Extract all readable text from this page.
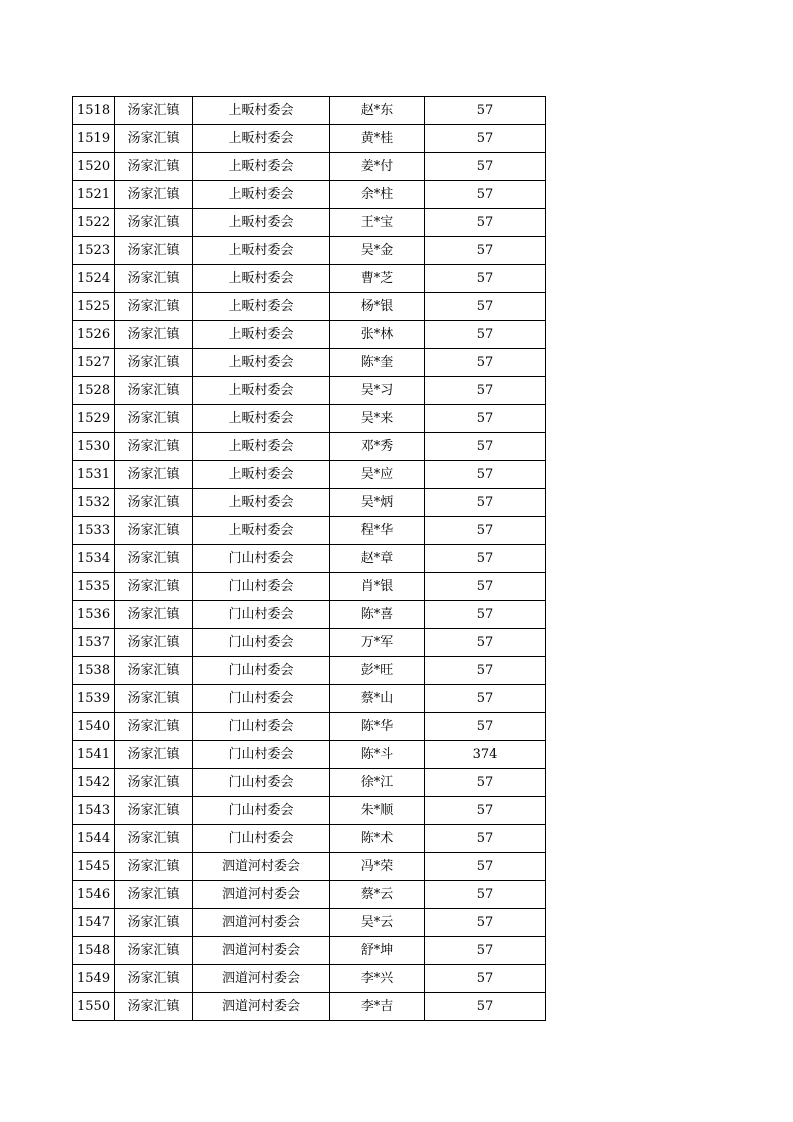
1518	汤家汇镇	上畈村委会	赵*东	57
1519	汤家汇镇	上畈村委会	黄*桂	57
1520	汤家汇镇	上畈村委会	姜*付	57
1521	汤家汇镇	上畈村委会	余*柱	57
1522	汤家汇镇	上畈村委会	王*宝	57
1523	汤家汇镇	上畈村委会	吴*金	57
1524	汤家汇镇	上畈村委会	曹*芝	57
1525	汤家汇镇	上畈村委会	杨*银	57
1526	汤家汇镇	上畈村委会	张*林	57
1527	汤家汇镇	上畈村委会	陈*奎	57
1528	汤家汇镇	上畈村委会	吴*习	57
1529	汤家汇镇	上畈村委会	吴*来	57
1530	汤家汇镇	上畈村委会	邓*秀	57
1531	汤家汇镇	上畈村委会	吴*应	57
1532	汤家汇镇	上畈村委会	吴*炳	57
1533	汤家汇镇	上畈村委会	程*华	57
1534	汤家汇镇	门山村委会	赵*章	57
1535	汤家汇镇	门山村委会	肖*银	57
1536	汤家汇镇	门山村委会	陈*喜	57
1537	汤家汇镇	门山村委会	万*军	57
1538	汤家汇镇	门山村委会	彭*旺	57
1539	汤家汇镇	门山村委会	蔡*山	57
1540	汤家汇镇	门山村委会	陈*华	57
1541	汤家汇镇	门山村委会	陈*斗	374
1542	汤家汇镇	门山村委会	徐*江	57
1543	汤家汇镇	门山村委会	朱*顺	57
1544	汤家汇镇	门山村委会	陈*术	57
1545	汤家汇镇	泗道河村委会	冯*荣	57
1546	汤家汇镇	泗道河村委会	蔡*云	57
1547	汤家汇镇	泗道河村委会	吴*云	57
1548	汤家汇镇	泗道河村委会	舒*坤	57
1549	汤家汇镇	泗道河村委会	李*兴	57
1550	汤家汇镇	泗道河村委会	李*吉	57
